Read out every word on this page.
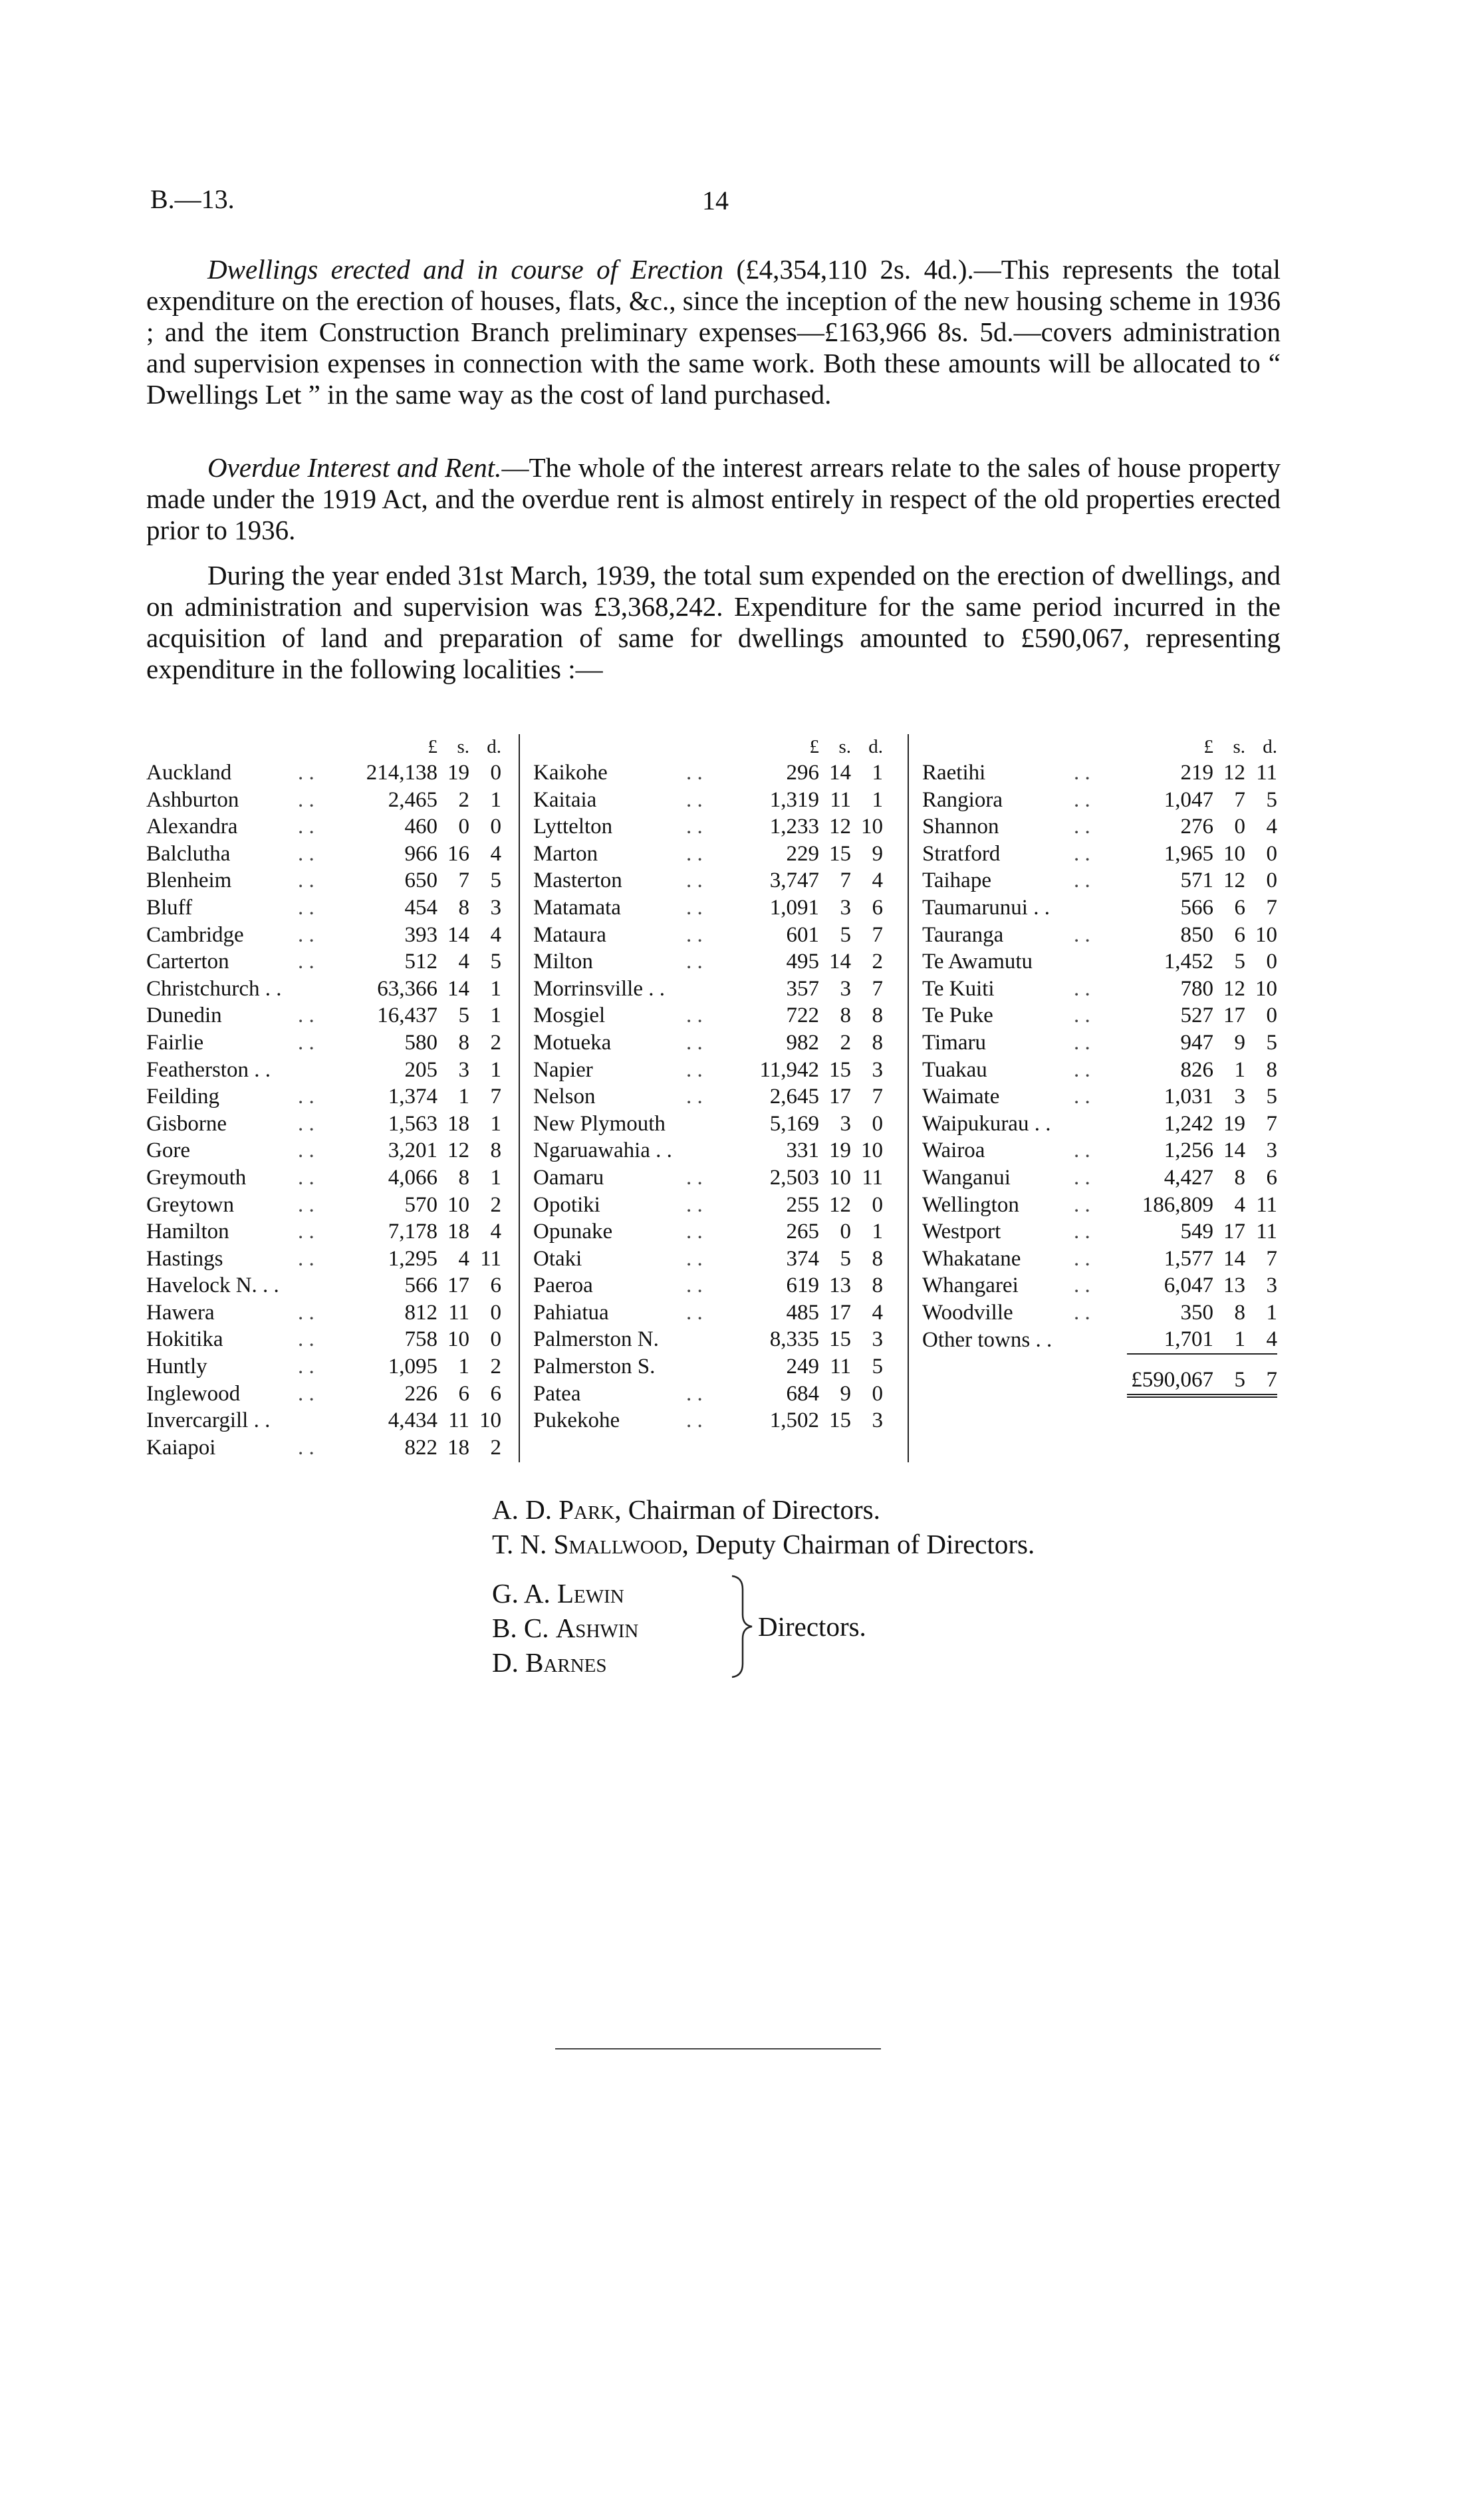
B.—13.	14

Dwellings erected and in course of Erection (£4,354,110 2s. 4d.).—This represents the total expenditure on the erection of houses, flats, &c., since the inception of the new housing scheme in 1936 ; and the item Construction Branch preliminary expenses—£163,966 8s. 5d.—covers administration and supervision expenses in connection with the same work. Both these amounts will be allocated to “ Dwellings Let ” in the same way as the cost of land purchased.

Overdue Interest and Rent.—The whole of the interest arrears relate to the sales of house property made under the 1919 Act, and the overdue rent is almost entirely in respect of the old properties erected prior to 1936.

During the year ended 31st March, 1939, the total sum expended on the erection of dwellings, and on administration and supervision was £3,368,242. Expenditure for the same period incurred in the acquisition of land and preparation of same for dwellings amounted to £590,067, representing expenditure in the following localities :—

		£	s.	d.
Auckland	. .	214,138	19	0
Ashburton	. .	2,465	2	1
Alexandra	. .	460	0	0
Balclutha	. .	966	16	4
Blenheim	. .	650	7	5
Bluff	. .	454	8	3
Cambridge	. .	393	14	4
Carterton	. .	512	4	5
Christchurch . .		63,366	14	1
Dunedin	. .	16,437	5	1
Fairlie	. .	580	8	2
Featherston . .		205	3	1
Feilding	. .	1,374	1	7
Gisborne	. .	1,563	18	1
Gore	. .	3,201	12	8
Greymouth	. .	4,066	8	1
Greytown	. .	570	10	2
Hamilton	. .	7,178	18	4
Hastings	. .	1,295	4	11
Havelock N. . .		566	17	6
Hawera	. .	812	11	0
Hokitika	. .	758	10	0
Huntly	. .	1,095	1	2
Inglewood	. .	226	6	6
Invercargill . .		4,434	11	10
Kaiapoi	. .	822	18	2
		£	s.	d.
Kaikohe	. .	296	14	1
Kaitaia	. .	1,319	11	1
Lyttelton	. .	1,233	12	10
Marton	. .	229	15	9
Masterton	. .	3,747	7	4
Matamata	. .	1,091	3	6
Mataura	. .	601	5	7
Milton	. .	495	14	2
Morrinsville . .		357	3	7
Mosgiel	. .	722	8	8
Motueka	. .	982	2	8
Napier	. .	11,942	15	3
Nelson	. .	2,645	17	7
New Plymouth		5,169	3	0
Ngaruawahia . .		331	19	10
Oamaru	. .	2,503	10	11
Opotiki	. .	255	12	0
Opunake	. .	265	0	1
Otaki	. .	374	5	8
Paeroa	. .	619	13	8
Pahiatua	. .	485	17	4
Palmerston N.		8,335	15	3
Palmerston S.		249	11	5
Patea	. .	684	9	0
Pukekohe	. .	1,502	15	3
		£	s.	d.
Raetihi	. .	219	12	11
Rangiora	. .	1,047	7	5
Shannon	. .	276	0	4
Stratford	. .	1,965	10	0
Taihape	. .	571	12	0
Taumarunui . .		566	6	7
Tauranga	. .	850	6	10
Te Awamutu		1,452	5	0
Te Kuiti	. .	780	12	10
Te Puke	. .	527	17	0
Timaru	. .	947	9	5
Tuakau	. .	826	1	8
Waimate	. .	1,031	3	5
Waipukurau . .		1,242	19	7
Wairoa	. .	1,256	14	3
Wanganui	. .	4,427	8	6
Wellington	. .	186,809	4	11
Westport	. .	549	17	11
Whakatane	. .	1,577	14	7
Whangarei	. .	6,047	13	3
Woodville	. .	350	8	1
Other towns . .		1,701	1	4
		£590,067	5	7
A. D. Park, Chairman of Directors.
T. N. Smallwood, Deputy Chairman of Directors.
G. A. Lewin
B. C. Ashwin
D. Barnes
Directors.
